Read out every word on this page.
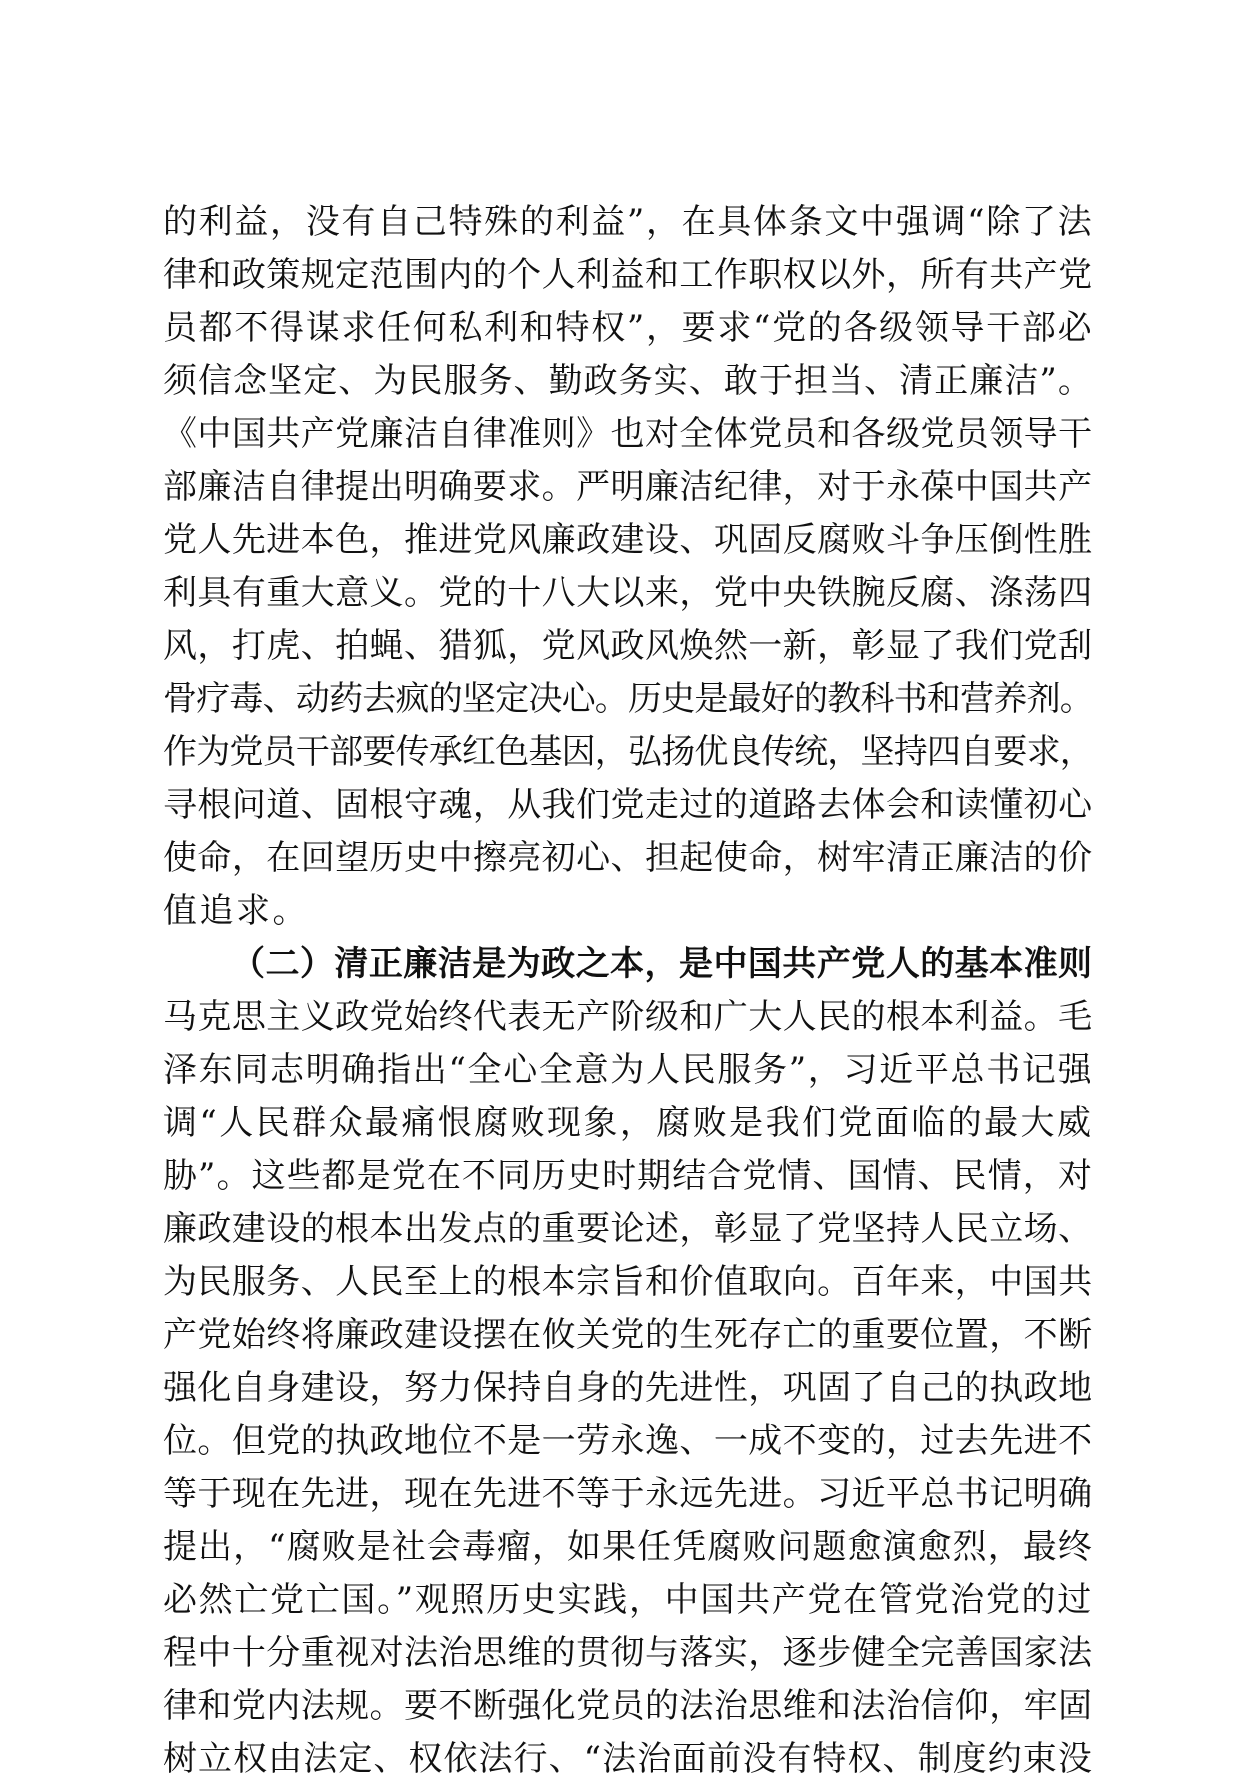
的利益，没有自己特殊的利益”，在具体条文中强调“除了法
律和政策规定范围内的个人利益和工作职权以外，所有共产党
员都不得谋求任何私利和特权”，要求“党的各级领导干部必
须信念坚定、为民服务、勤政务实、敢于担当、清正廉洁”。
《中国共产党廉洁自律准则》也对全体党员和各级党员领导干
部廉洁自律提出明确要求。严明廉洁纪律，对于永葆中国共产
党人先进本色，推进党风廉政建设、巩固反腐败斗争压倒性胜
利具有重大意义。党的十八大以来，党中央铁腕反腐、涤荡四
风，打虎、拍蝇、猎狐，党风政风焕然一新，彰显了我们党刮
骨疗毒、动药去疯的坚定决心。历史是最好的教科书和营养剂。
作为党员干部要传承红色基因，弘扬优良传统，坚持四自要求，
寻根问道、固根守魂，从我们党走过的道路去体会和读懂初心
使命，在回望历史中擦亮初心、担起使命，树牢清正廉洁的价
值追求。
（二）清正廉洁是为政之本，是中国共产党人的基本准则
马克思主义政党始终代表无产阶级和广大人民的根本利益。毛
泽东同志明确指出“全心全意为人民服务”，习近平总书记强
调“人民群众最痛恨腐败现象，腐败是我们党面临的最大威
胁”。这些都是党在不同历史时期结合党情、国情、民情，对
廉政建设的根本出发点的重要论述，彰显了党坚持人民立场、
为民服务、人民至上的根本宗旨和价值取向。百年来，中国共
产党始终将廉政建设摆在攸关党的生死存亡的重要位置，不断
强化自身建设，努力保持自身的先进性，巩固了自己的执政地
位。但党的执政地位不是一劳永逸、一成不变的，过去先进不
等于现在先进，现在先进不等于永远先进。习近平总书记明确
提出，“腐败是社会毒瘤，如果任凭腐败问题愈演愈烈，最终
必然亡党亡国。”观照历史实践，中国共产党在管党治党的过
程中十分重视对法治思维的贯彻与落实，逐步健全完善国家法
律和党内法规。要不断强化党员的法治思维和法治信仰，牢固
树立权由法定、权依法行、“法治面前没有特权、制度约束没
